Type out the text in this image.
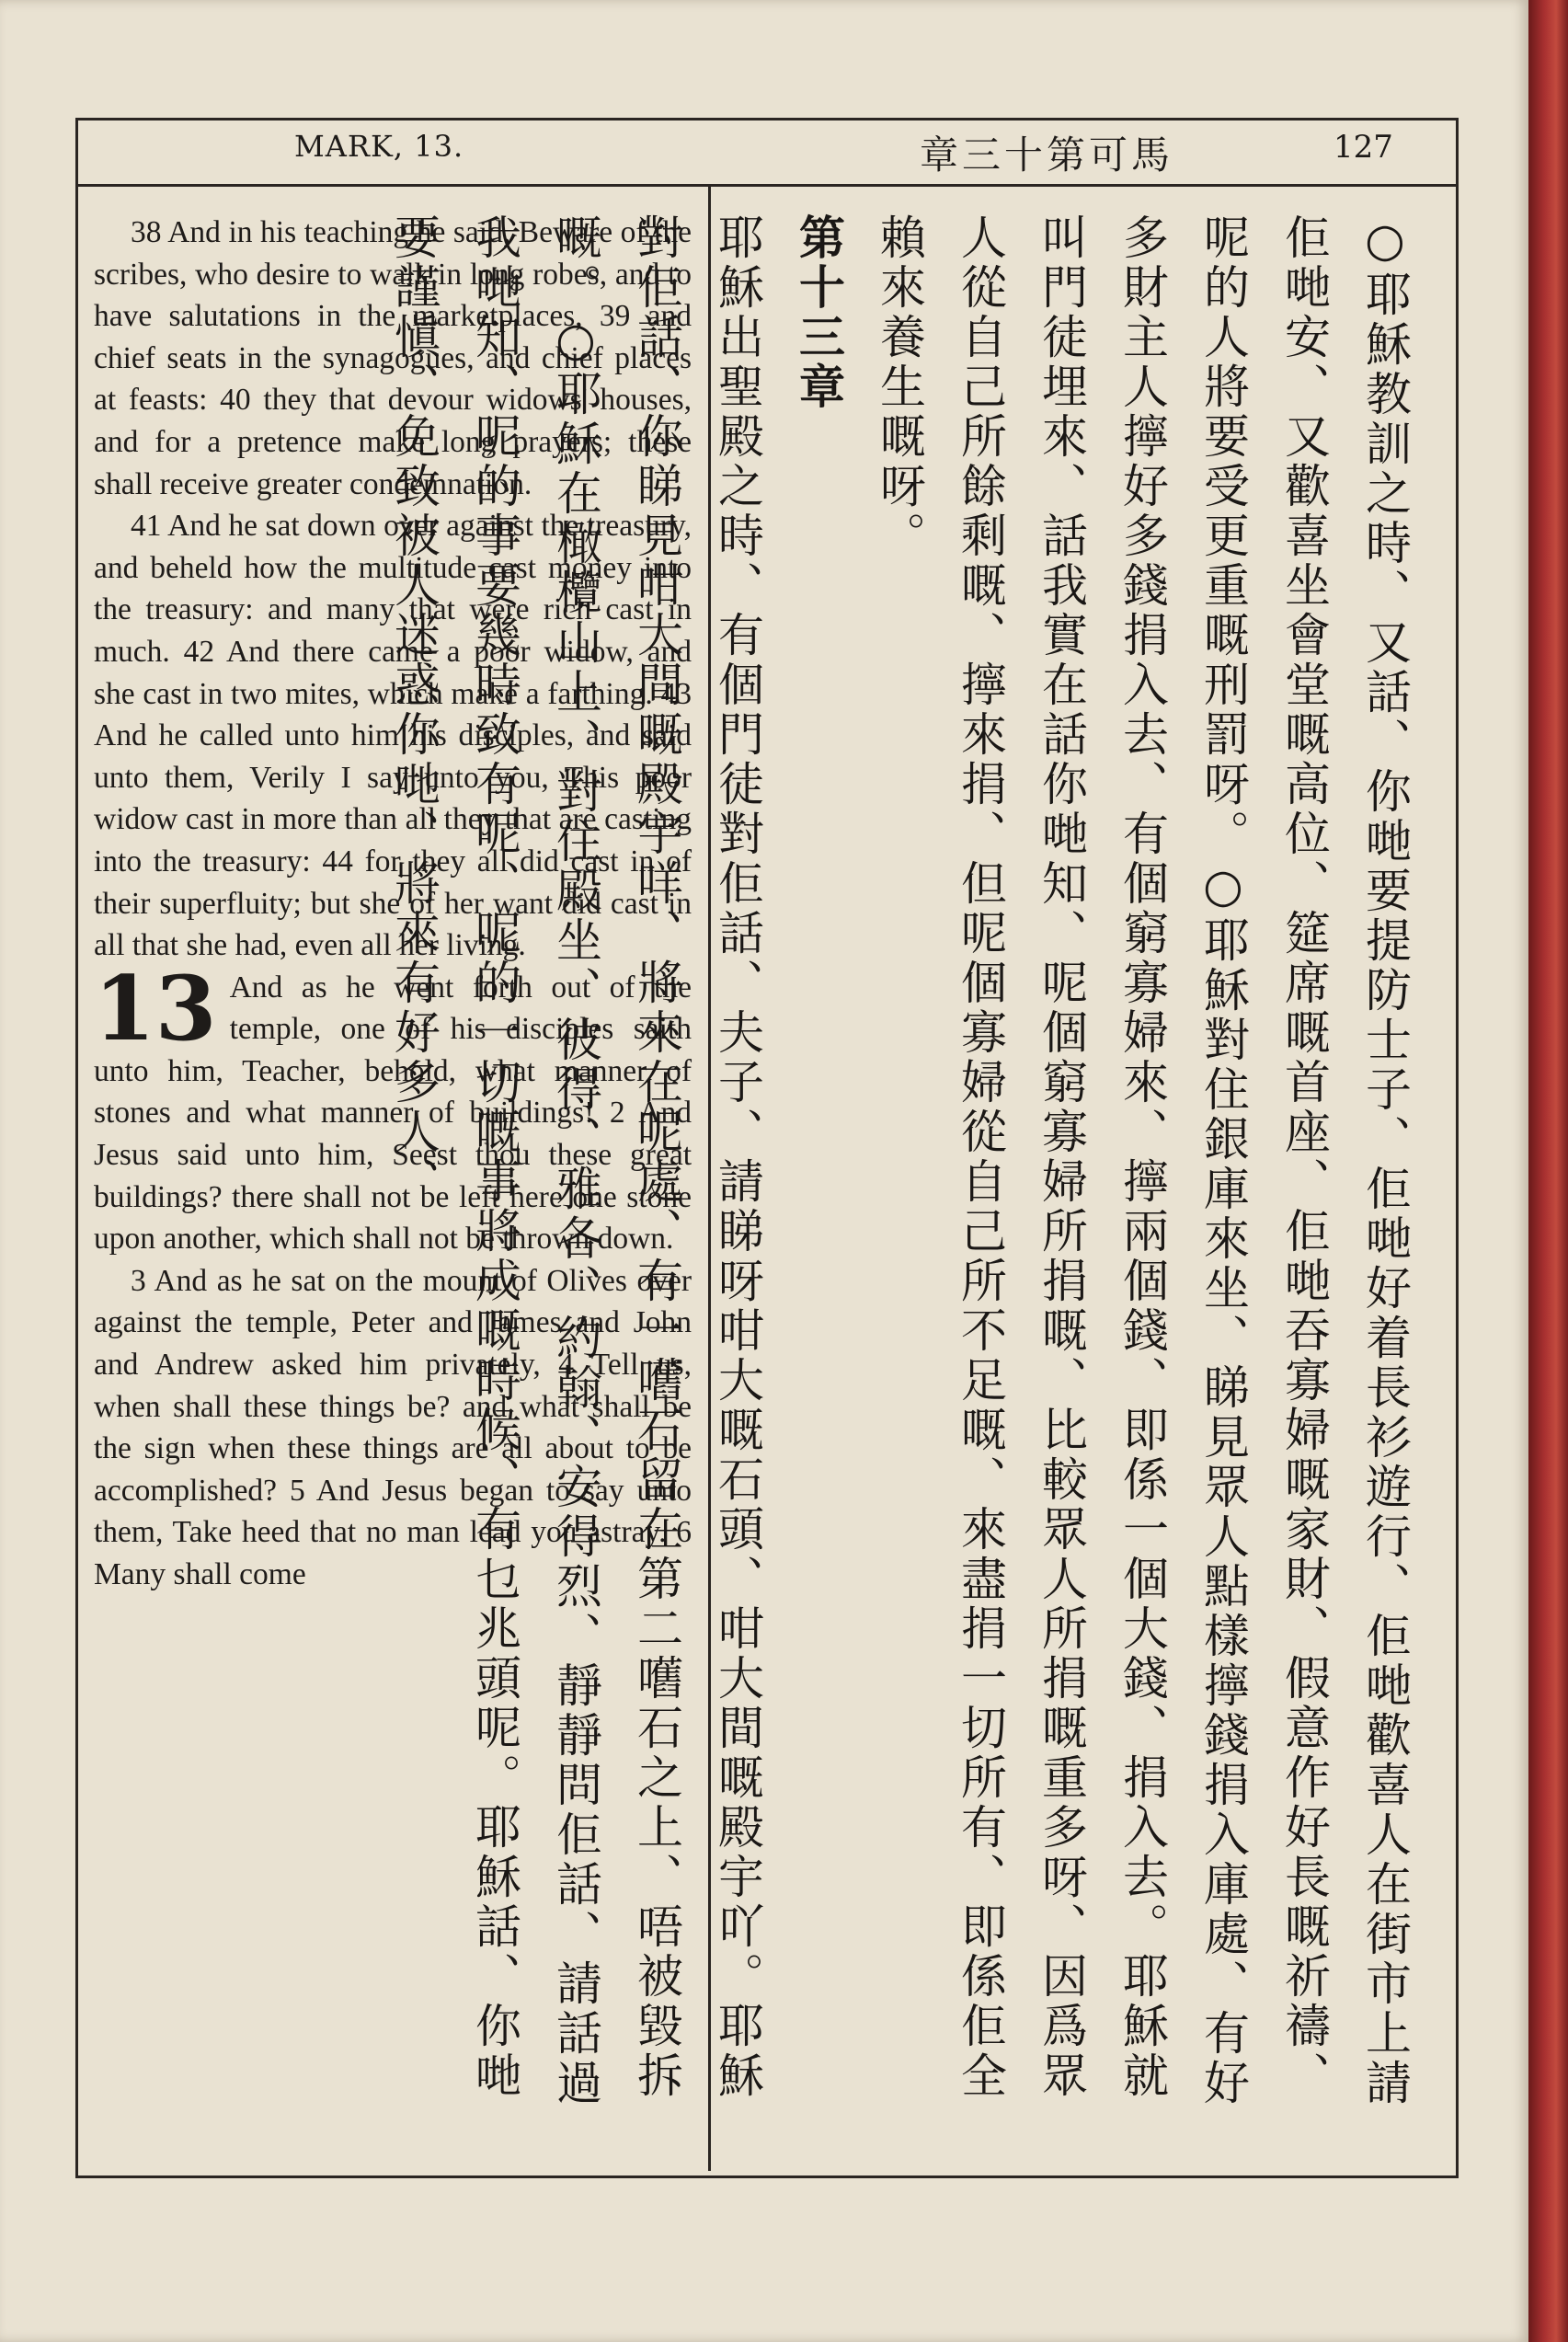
MARK, 13.	章三十第可馬	127

38 And in his teaching he said, Beware of the scribes, who desire to walk in long robes, and to have salutations in the marketplaces, 39 and chief seats in the synagogues, and chief places at feasts: 40 they that devour widows' houses, and for a pretence make long prayers; these shall receive greater condemnation.

41 And he sat down over against the treasury, and beheld how the multitude cast money into the treasury: and many that were rich cast in much. 42 And there came a poor widow, and she cast in two mites, which make a farthing. 43 And he called unto him his disciples, and said unto them, Verily I say unto you, This poor widow cast in more than all they that are casting into the treasury: 44 for they all did cast in of their superfluity; but she of her want did cast in all that she had, even all her living.

13 And as he went forth out of the temple, one of his disciples saith unto him, Teacher, behold, what manner of stones and what manner of buildings! 2 And Jesus said unto him, Seest thou these great buildings? there shall not be left here one stone upon another, which shall not be thrown down.

3 And as he sat on the mount of Olives over against the temple, Peter and James and John and Andrew asked him privately, 4 Tell us, when shall these things be? and what shall be the sign when these things are all about to be accomplished? 5 And Jesus began to say unto them, Take heed that no man lead you astray. 6 Many shall come	○耶穌教訓之時、又話、你哋要提防士子、佢哋好着長衫遊行、佢哋歡喜人在街市上請佢哋安、又歡喜坐會堂嘅高位、筵席嘅首座、佢哋吞寡婦嘅家財、假意作好長嘅祈禱、呢的人將要受更重嘅刑罰呀。○耶穌對住銀庫來坐、睇見眾人點樣擰錢捐入庫處、有好多財主人擰好多錢捐入去、有個窮寡婦來、擰兩個錢、即係一個大錢、捐入去。耶穌就叫門徒埋來、話我實在話你哋知、呢個窮寡婦所捐嘅、比較眾人所捐嘅重多呀、因爲眾人從自己所餘剩嘅、擰來捐、但呢個寡婦從自己所不足嘅、來盡捐一切所有、即係佢全賴來養生嘅呀。

第十三章

耶穌出聖殿之時、有個門徒對佢話、夫子、請睇呀咁大嘅石頭、咁大間嘅殿宇吖。耶穌對佢話、你睇見咁大間嘅殿宇咩、將來在呢處、有一嚿石留在第二嚿石之上、唔被毀拆嘅。○耶穌在橄欖山上、對住殿坐、彼得、雅各、約翰、安得烈、靜靜問佢話、請話過我哋知、呢的事要幾時致有呢、呢的一切嘅事將成嘅時候、有乜兆頭呢。耶穌話、你哋要謹愼、免致被人迷惑你哋、將來有好多人、
